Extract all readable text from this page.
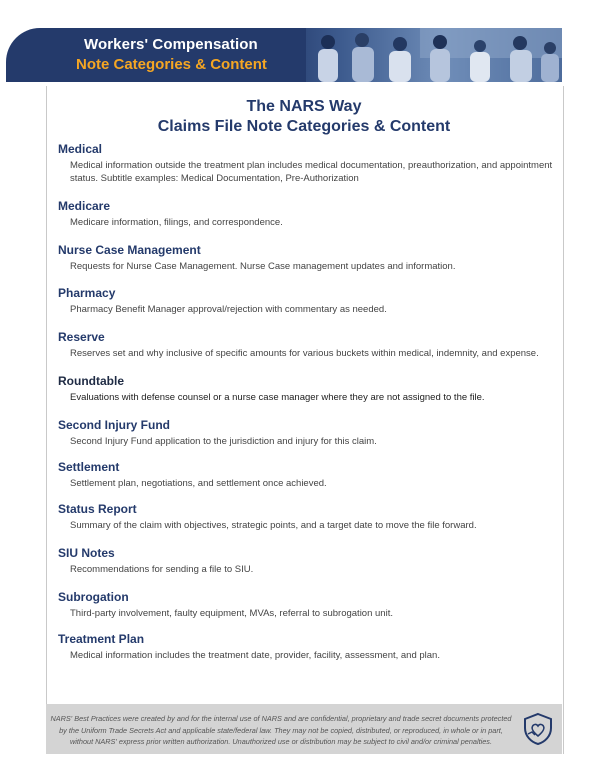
Workers' Compensation
Note Categories & Content
The NARS Way
Claims File Note Categories & Content
Medical

Medical information outside the treatment plan includes medical documentation, preauthorization, and appointment status. Subtitle examples: Medical Documentation, Pre-Authorization

Medicare

Medicare information, filings, and correspondence.

Nurse Case Management

Requests for Nurse Case Management. Nurse Case management updates and information.

Pharmacy

Pharmacy Benefit Manager approval/rejection with commentary as needed.

Reserve

Reserves set and why inclusive of specific amounts for various buckets within medical, indemnity, and expense.

Roundtable

Evaluations with defense counsel or a nurse case manager where they are not assigned to the file.

Second Injury Fund

Second Injury Fund application to the jurisdiction and injury for this claim.

Settlement

Settlement plan, negotiations, and settlement once achieved.

Status Report

Summary of the claim with objectives, strategic points, and a target date to move the file forward.

SIU Notes

Recommendations for sending a file to SIU.

Subrogation

Third-party involvement, faulty equipment, MVAs, referral to subrogation unit.

Treatment Plan

Medical information includes the treatment date, provider, facility, assessment, and plan.

NARS' Best Practices were created by and for the internal use of NARS and are confidential, proprietary and trade secret documents protected
by the Uniform Trade Secrets Act and applicable state/federal law. They may not be copied, distributed, or reproduced, in whole or in part,
without NARS' express prior written authorization. Unauthorized use or distribution may be subject to civil and/or criminal penalties.
